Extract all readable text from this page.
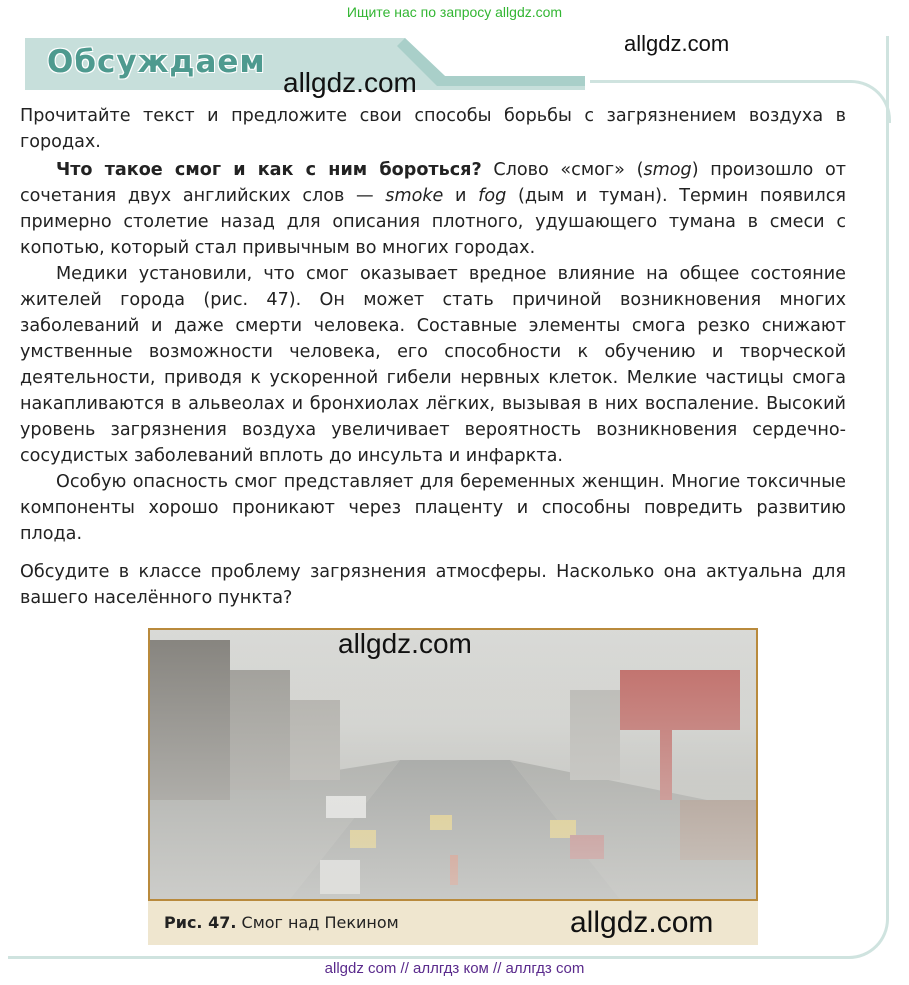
Ищите нас по запросу allgdz.com
Обсуждаем
allgdz.com
allgdz.com

Прочитайте текст и предложите свои способы борьбы с загрязнением воздуха в городах.

Что такое смог и как с ним бороться? Слово «смог» (smog) произошло от сочетания двух английских слов — smoke и fog (дым и туман). Термин появился примерно столетие назад для описания плотного, удушающего тумана в смеси с копотью, который стал привычным во многих городах.

Медики установили, что смог оказывает вредное влияние на общее состояние жителей города (рис. 47). Он может стать причиной возникновения многих заболеваний и даже смерти человека. Составные элементы смога резко снижают умственные возможности человека, его способности к обучению и творческой деятельности, приводя к ускоренной гибели нервных клеток. Мелкие частицы смога накапливаются в альвеолах и бронхиолах лёгких, вызывая в них воспаление. Высокий уровень загрязнения воздуха увеличивает вероятность возникновения сердечно-сосудистых заболеваний вплоть до инсульта и инфаркта.

Особую опасность смог представляет для беременных женщин. Многие токсичные компоненты хорошо проникают через плаценту и способны повредить развитию плода.

Обсудите в классе проблему загрязнения атмосферы. Насколько она актуальна для вашего населённого пункта?

allgdz.com
Рис. 47. Смог над Пекином	allgdz.com
allgdz com // аллгдз ком // аллгдз com
